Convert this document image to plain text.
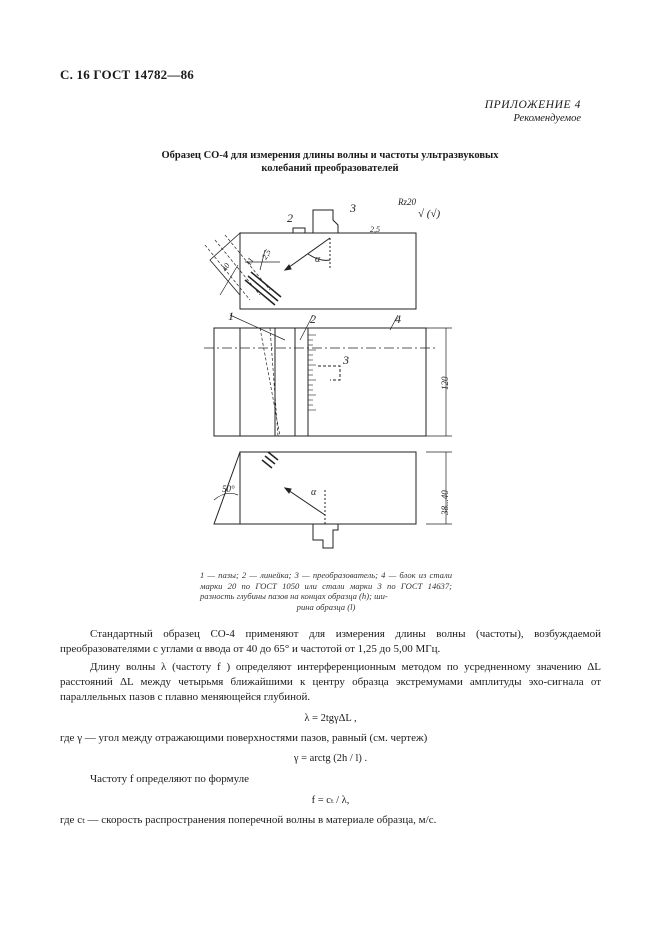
С. 16 ГОСТ 14782—86
ПРИЛОЖЕНИЕ 4
Рекомендуемое
Образец СО-4 для измерения длины волны и частоты ультразвуковых
колебаний преобразователей
2,5
Rz20
√ (√)
2
3
α
40
11
2,5
120
1	2	4
3
38...40
50°	α
1 — пазы; 2 — линейка; 3 — преобразователь; 4 — блок из стали марки 20 по ГОСТ 1050 или стали марки 3 по ГОСТ 14637; разность глубины пазов на концах образца (h); ши-
рина образца (l)

Стандартный образец СО-4 применяют для измерения длины волны (частоты), возбуждаемой преобразователями с углами α ввода от 40 до 65° и частотой от 1,25 до 5,00 МГц.

Длину волны λ (частоту f ) определяют интерференционным методом по усредненному значению ΔL расстояний ΔL между четырьмя ближайшими к центру образца экстремумами амплитуды эхо-сигнала от параллельных пазов с плавно меняющейся глубиной.

λ = 2tgγΔL ,

где γ — угол между отражающими поверхностями пазов, равный (см. чертеж)

γ = arctg (2h / l) .

Частоту f определяют по формуле

f = cₜ / λ,

где cₜ — скорость распространения поперечной волны в материале образца, м/с.
